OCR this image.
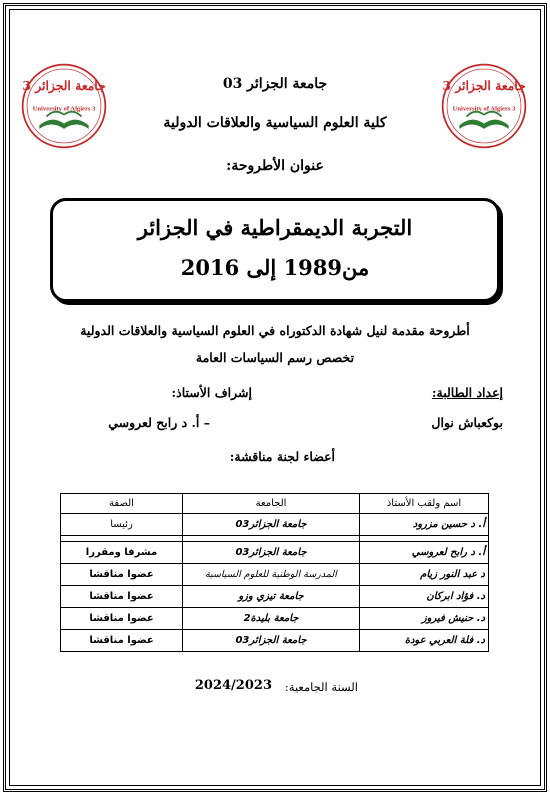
جامعة الجزائر 3
University of Algiers 3
جامعة الجزائر 3
University of Algiers 3
جامعة الجزائر 03
كلية العلوم السياسية والعلاقات الدولية
عنوان الأطروحة:
التجربة الديمقراطية في الجزائر
من1989 إلى 2016
أطروحة مقدمة لنيل شهادة الدكتوراه في العلوم السياسية والعلاقات الدولية
تخصص رسم السياسات العامة
إعداد الطالبة:
إشراف الأستاذ:
بوكعباش نوال
– أ. د رابح لعروسي
أعضاء لجنة مناقشة:
اسم ولقب الأستاذ	الجامعة	الصفة
أ. د حسين مزرود	جامعة الجزائر03	رئيسا

أ. د رابح لعروسي	جامعة الجزائر03	مشرفا ومقررا
د عبد النور زيام	المدرسة الوطنية للعلوم السياسية	عضوا مناقشا
د. فؤاد ابركان	جامعة تيزي وزو	عضوا مناقشا
د. حنيش فيروز	جامعة بليدة2	عضوا مناقشا
د. فلة العربي عودة	جامعة الجزائر03	عضوا مناقشا
السنة الجامعية:
2024/2023
